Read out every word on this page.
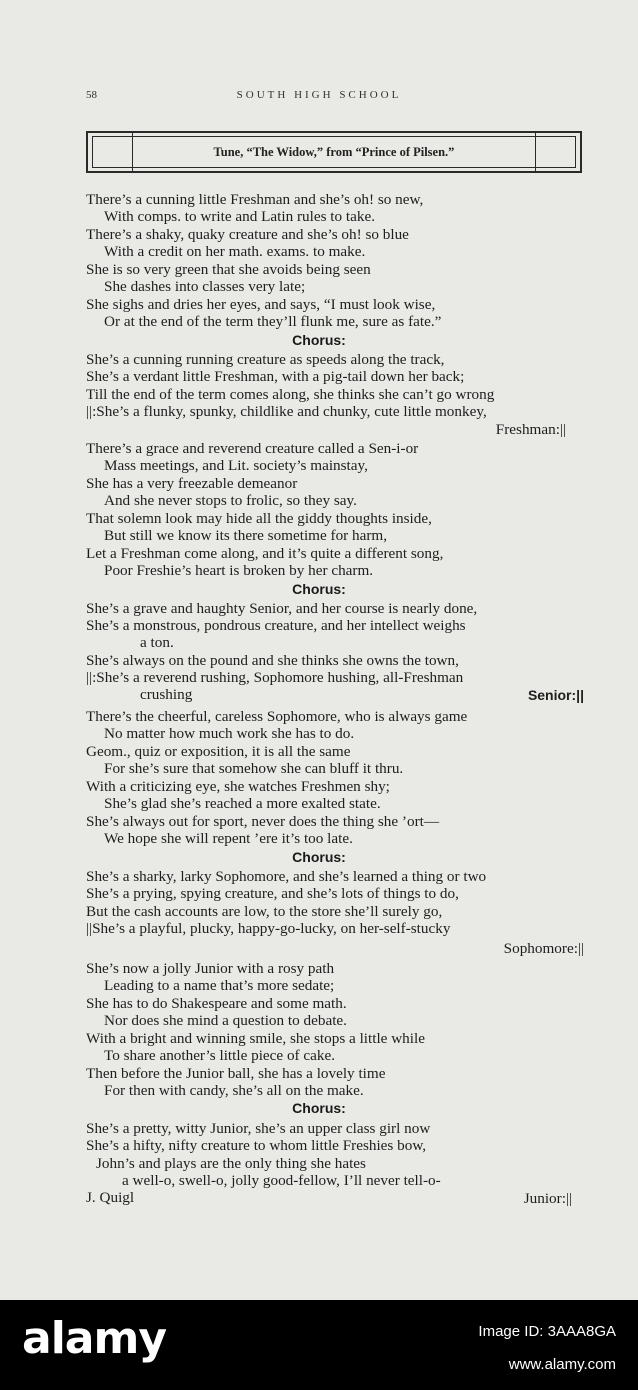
58	SOUTH HIGH SCHOOL
Tune, “The Widow,” from “Prince of Pilsen.”
There’s a cunning little Freshman and she’s oh! so new,
With comps. to write and Latin rules to take.
There’s a shaky, quaky creature and she’s oh! so blue
With a credit on her math. exams. to make.
She is so very green that she avoids being seen
She dashes into classes very late;
She sighs and dries her eyes, and says, “I must look wise,
Or at the end of the term they’ll flunk me, sure as fate.”
Chorus:
She’s a cunning running creature as speeds along the track,
She’s a verdant little Freshman, with a pig-tail down her back;
Till the end of the term comes along, she thinks she can’t go wrong
||:She’s a flunky, spunky, childlike and chunky, cute little monkey,
Freshman:||
There’s a grace and reverend creature called a Sen-i-or
Mass meetings, and Lit. society’s mainstay,
She has a very freezable demeanor
And she never stops to frolic, so they say.
That solemn look may hide all the giddy thoughts inside,
But still we know its there sometime for harm,
Let a Freshman come along, and it’s quite a different song,
Poor Freshie’s heart is broken by her charm.
Chorus:
She’s a grave and haughty Senior, and her course is nearly done,
She’s a monstrous, pondrous creature, and her intellect weighs
a ton.
She’s always on the pound and she thinks she owns the town,
||:She’s a reverend rushing, Sophomore hushing, all-Freshman
crushing	Senior:||
There’s the cheerful, careless Sophomore, who is always game
No matter how much work she has to do.
Geom., quiz or exposition, it is all the same
For she’s sure that somehow she can bluff it thru.
With a criticizing eye, she watches Freshmen shy;
She’s glad she’s reached a more exalted state.
She’s always out for sport, never does the thing she ’ort—
We hope she will repent ’ere it’s too late.
Chorus:
She’s a sharky, larky Sophomore, and she’s learned a thing or two
She’s a prying, spying creature, and she’s lots of things to do,
But the cash accounts are low, to the store she’ll surely go,
||She’s a playful, plucky, happy-go-lucky, on her-self-stucky
Sophomore:||
She’s now a jolly Junior with a rosy path
Leading to a name that’s more sedate;
She has to do Shakespeare and some math.
Nor does she mind a question to debate.
With a bright and winning smile, she stops a little while
To share another’s little piece of cake.
Then before the Junior ball, she has a lovely time
For then with candy, she’s all on the make.
Chorus:
She’s a pretty, witty Junior, she’s an upper class girl now
She’s a hifty, nifty creature to whom little Freshies bow,
John’s and plays are the only thing she hates
a well-o, swell-o, jolly good-fellow, I’ll never tell-o-
J. Quigl	Junior:||
alamy	Image ID: 3AAA8GA
www.alamy.com
